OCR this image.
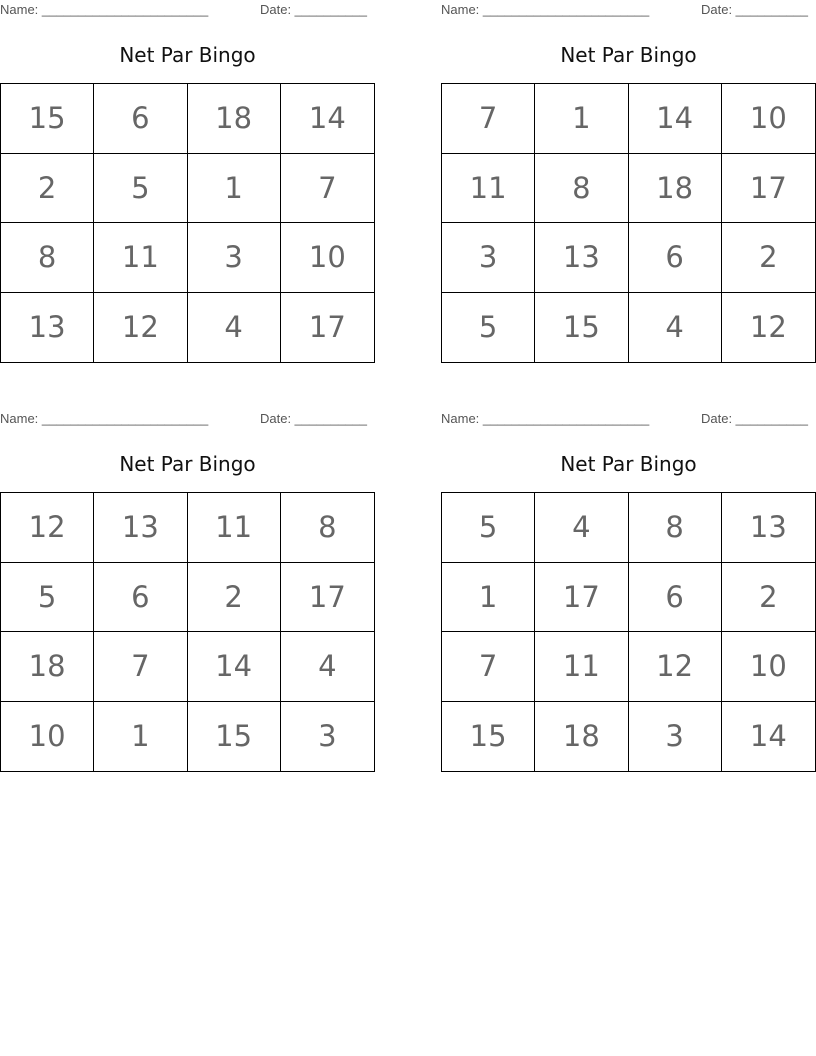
Name: _______________________	Date: __________
Net Par Bingo
15	6	18	14
2	5	1	7
8	11	3	10
13	12	4	17
Name: _______________________	Date: __________
Net Par Bingo
7	1	14	10
11	8	18	17
3	13	6	2
5	15	4	12
Name: _______________________	Date: __________
Net Par Bingo
12	13	11	8
5	6	2	17
18	7	14	4
10	1	15	3
Name: _______________________	Date: __________
Net Par Bingo
5	4	8	13
1	17	6	2
7	11	12	10
15	18	3	14
